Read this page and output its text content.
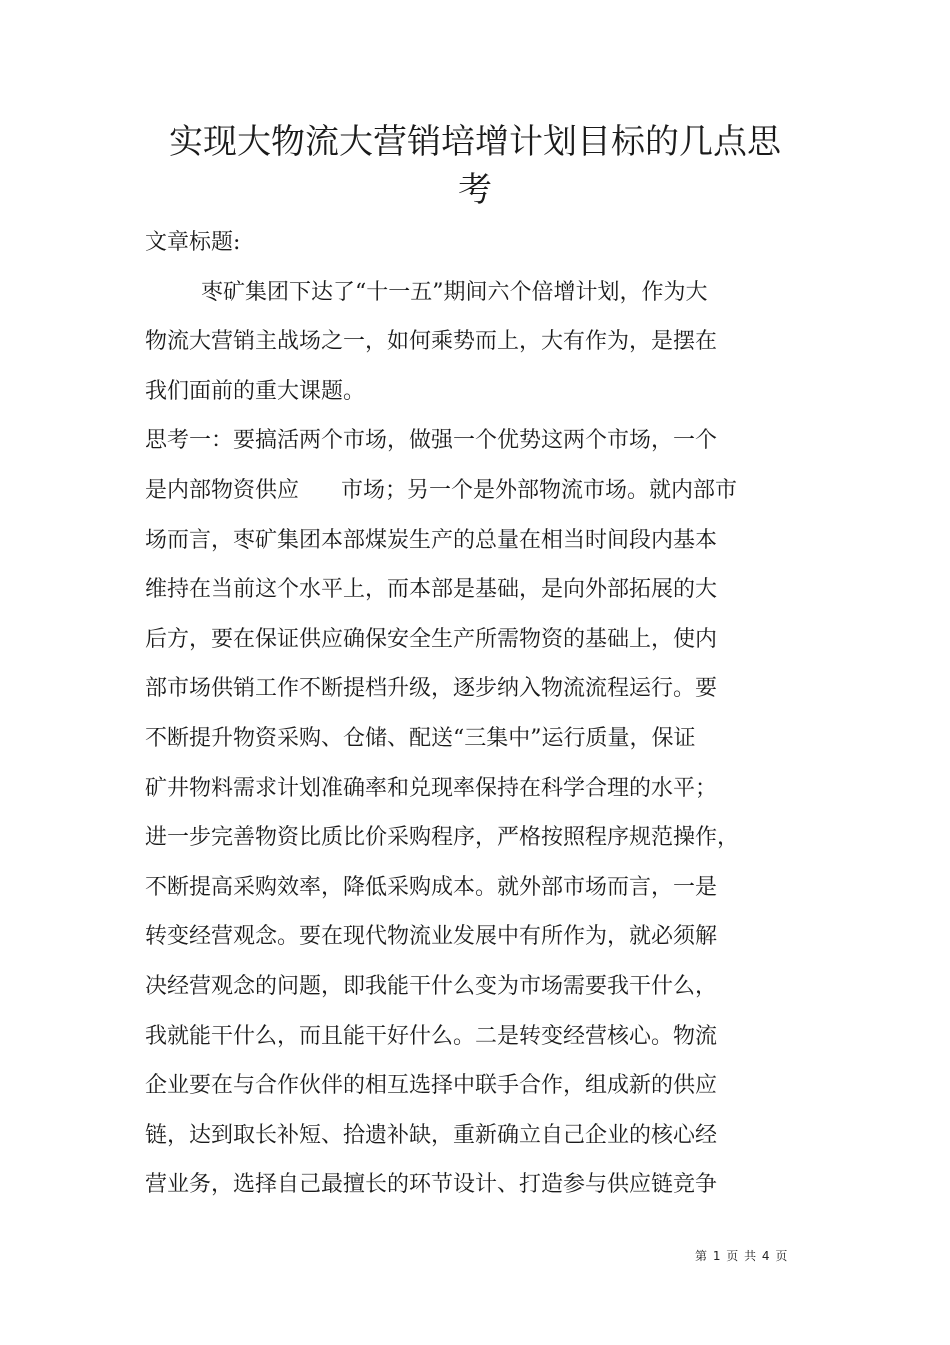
实现大物流大营销培增计划目标的几点思
考
文章标题:
枣矿集团下达了“十一五”期间六个倍增计划，作为大
物流大营销主战场之一，如何乘势而上，大有作为，是摆在
我们面前的重大课题。
思考一：要搞活两个市场，做强一个优势这两个市场，一个
是内部物资供应      市场；另一个是外部物流市场。就内部市
场而言，枣矿集团本部煤炭生产的总量在相当时间段内基本
维持在当前这个水平上，而本部是基础，是向外部拓展的大
后方，要在保证供应确保安全生产所需物资的基础上，使内
部市场供销工作不断提档升级，逐步纳入物流流程运行。要
不断提升物资采购、仓储、配送“三集中”运行质量，保证
矿井物料需求计划准确率和兑现率保持在科学合理的水平；
进一步完善物资比质比价采购程序，严格按照程序规范操作，
不断提高采购效率，降低采购成本。就外部市场而言，一是
转变经营观念。要在现代物流业发展中有所作为，就必须解
决经营观念的问题，即我能干什么变为市场需要我干什么，
我就能干什么，而且能干好什么。二是转变经营核心。物流
企业要在与合作伙伴的相互选择中联手合作，组成新的供应
链，达到取长补短、拾遗补缺，重新确立自己企业的核心经
营业务，选择自己最擅长的环节设计、打造参与供应链竞争
第 1 页 共 4 页
